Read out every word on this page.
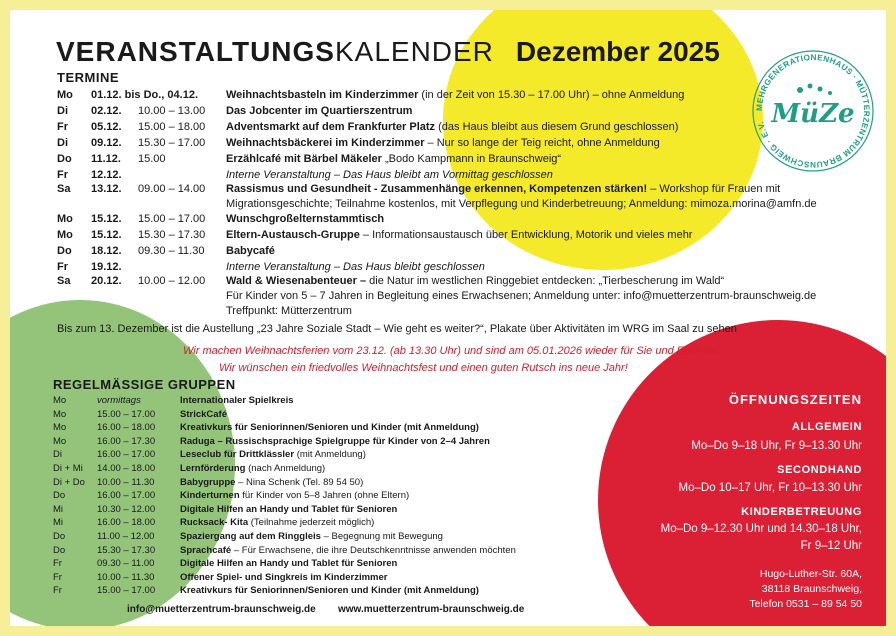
VERANSTALTUNGSKALENDER Dezember 2025
MEHRGENERATIONENHAUS · MÜTTERZENTRUM BRAUNSCHWEIG · E.V. MüZe
TERMINE
Mo 01.12. bis Do., 04.12.	Weihnachtsbasteln im Kinderzimmer (in der Zeit von 15.30 – 17.00 Uhr) – ohne Anmeldung
Di 02.12. 10.00 – 13.00 Das Jobcenter im Quartierszentrum
Fr 05.12. 15.00 – 18.00 Adventsmarkt auf dem Frankfurter Platz (das Haus bleibt aus diesem Grund geschlossen)
Di 09.12. 15.30 – 17.00 Weihnachtsbäckerei im Kinderzimmer – Nur so lange der Teig reicht, ohne Anmeldung
Do 11.12. 15.00	Erzählcafé mit Bärbel Mäkeler „Bodo Kampmann in Braunschweig“
Fr 12.12.	Interne Veranstaltung – Das Haus bleibt am Vormittag geschlossen
Sa 13.12. 09.00 – 14.00 Rassismus und Gesundheit - Zusammenhänge erkennen, Kompetenzen stärken! – Workshop für Frauen mit
Migrationsgeschichte; Teilnahme kostenlos, mit Verpflegung und Kinderbetreuung; Anmeldung: mimoza.morina@amfn.de
Mo 15.12. 15.00 – 17.00 Wunschgroßelternstammtisch
Mo 15.12. 15.30 – 17.30 Eltern-Austausch-Gruppe – Informationsaustausch über Entwicklung, Motorik und vieles mehr
Do 18.12. 09.30 – 11.30 Babycafé
Fr 19.12.	Interne Veranstaltung – Das Haus bleibt geschlossen
Sa 20.12. 10.00 – 12.00 Wald & Wiesenabenteuer – die Natur im westlichen Ringgebiet entdecken: „Tierbescherung im Wald“
Für Kinder von 5 – 7 Jahren in Begleitung eines Erwachsenen; Anmeldung unter: info@muetterzentrum-braunschweig.de
Treffpunkt: Mütterzentrum
Bis zum 13. Dezember ist die Austellung „23 Jahre Soziale Stadt – Wie geht es weiter?“, Plakate über Aktivitäten im WRG im Saal zu sehen
Wir machen Weihnachtsferien vom 23.12. (ab 13.30 Uhr) und sind am 05.01.2026 wieder für Sie und Euch da.
Wir wünschen ein friedvolles Weihnachtsfest und einen guten Rutsch ins neue Jahr!
REGELMÄSSIGE GRUPPEN
Mo	vormittags	Internationaler Spielkreis
Mo	15.00 – 17.00	StrickCafé
Mo	16.00 – 18.00	Kreativkurs für Seniorinnen/Senioren und Kinder (mit Anmeldung)
Mo	16.00 – 17.30	Raduga – Russischsprachige Spielgruppe für Kinder von 2–4 Jahren
Di	16.00 – 17.00	Leseclub für Drittklässler (mit Anmeldung)
Di + Mi 14.00 – 18.00	Lernförderung (nach Anmeldung)
Di + Do 10.00 – 11.30	Babygruppe – Nina Schenk (Tel. 89 54 50)
Do	16.00 – 17.00	Kinderturnen für Kinder von 5–8 Jahren (ohne Eltern)
Mi	10.30 – 12.00	Digitale Hilfen an Handy und Tablet für Senioren
Mi	16.00 – 18.00	Rucksack- Kita (Teilnahme jederzeit möglich)
Do	11.00 – 12.00	Spaziergang auf dem Ringgleis – Begegnung mit Bewegung
Do	15.30 – 17.30	Sprachcafé – Für Erwachsene, die ihre Deutschkenntnisse anwenden möchten
Fr	09.30 – 11.00	Digitale Hilfen an Handy und Tablet für Senioren
Fr	10.00 – 11.30	Offener Spiel- und Singkreis im Kinderzimmer
Fr	15.00 – 17.00	Kreativkurs für Seniorinnen/Senioren und Kinder (mit Anmeldung)
ÖFFNUNGSZEITEN
ALLGEMEIN
Mo–Do 9–18 Uhr, Fr 9–13.30 Uhr
SECONDHAND
Mo–Do 10–17 Uhr, Fr 10–13.30 Uhr
KINDERBETREUUNG
Mo–Do 9–12.30 Uhr und 14.30–18 Uhr,
Fr 9–12 Uhr
Hugo-Luther-Str. 60A,
38118 Braunschweig,
Telefon 0531 – 89 54 50
info@muetterzentrum-braunschweig.de www.muetterzentrum-braunschweig.de
